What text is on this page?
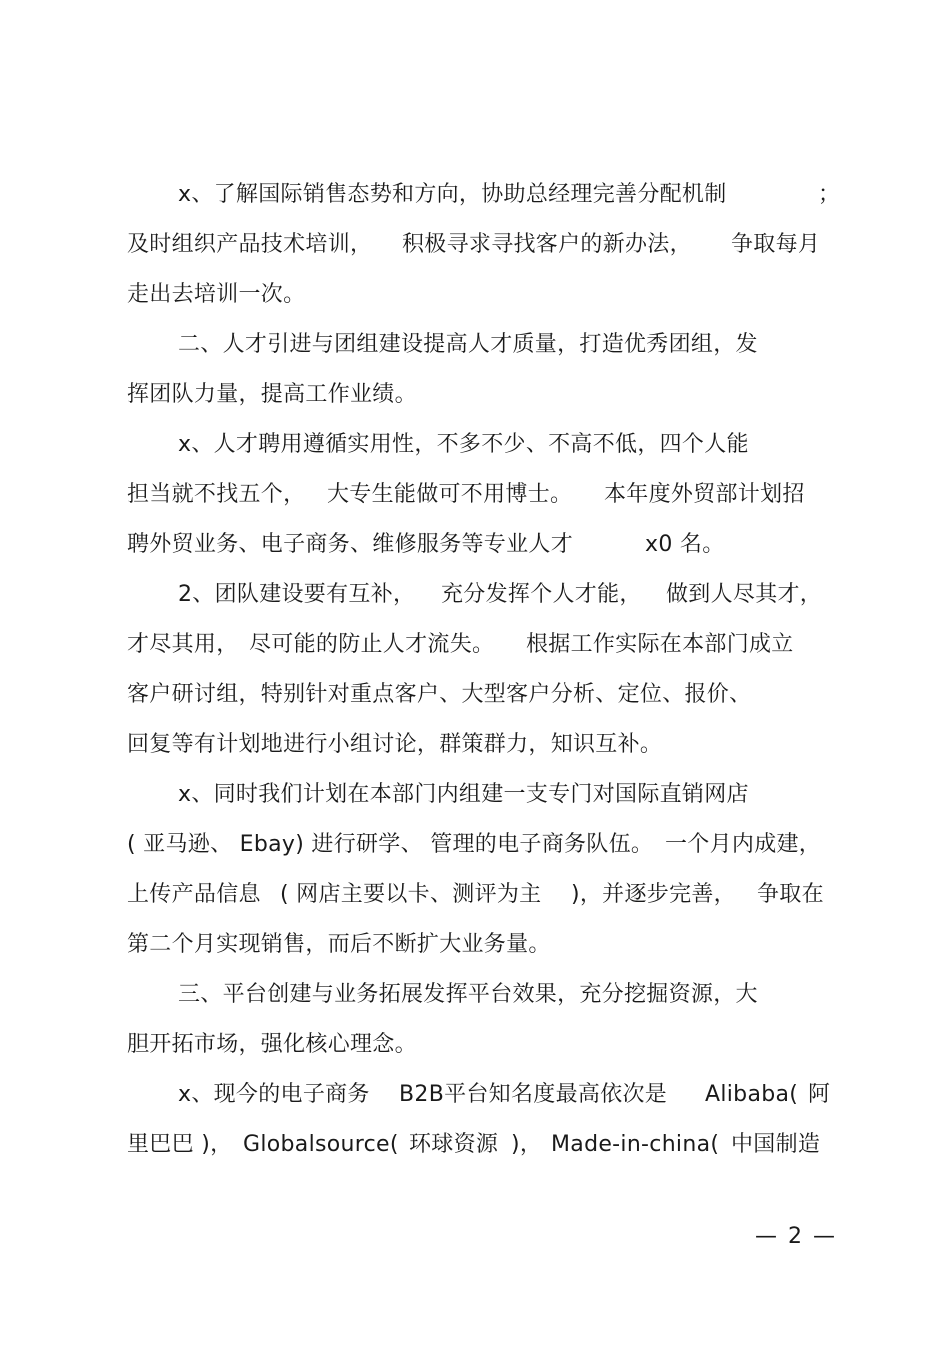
x、了解国际销售态势和方向，协助总经理完善分配机制	；
及时组织产品技术培训， 积极寻求寻找客户的新办法， 争取每月
走出去培训一次。
二、人才引进与团组建设提高人才质量，打造优秀团组，发
挥团队力量，提高工作业绩。
x、人才聘用遵循实用性，不多不少、不高不低，四个人能
担当就不找五个， 大专生能做可不用博士。 本年度外贸部计划招
聘外贸业务、电子商务、维修服务等专业人才	x0 名。
2、团队建设要有互补， 充分发挥个人才能， 做到人尽其才，
才尽其用， 尽可能的防止人才流失。 根据工作实际在本部门成立
客户研讨组，特别针对重点客户、大型客户分析、定位、报价、
回复等有计划地进行小组讨论，群策群力，知识互补。
x、同时我们计划在本部门内组建一支专门对国际直销网店
( 亚马逊、 Ebay) 进行研学、 管理的电子商务队伍。 一个月内成建，
上传产品信息 ( 网店主要以卡、测评为主 )，并逐步完善， 争取在
第二个月实现销售，而后不断扩大业务量。
三、平台创建与业务拓展发挥平台效果，充分挖掘资源，大
胆开拓市场，强化核心理念。
x、现今的电子商务 B2B平台知名度最高依次是 Alibaba( 阿
里巴巴 )， Globalsource( 环球资源 )， Made-in-china( 中国制造
— 2 —
